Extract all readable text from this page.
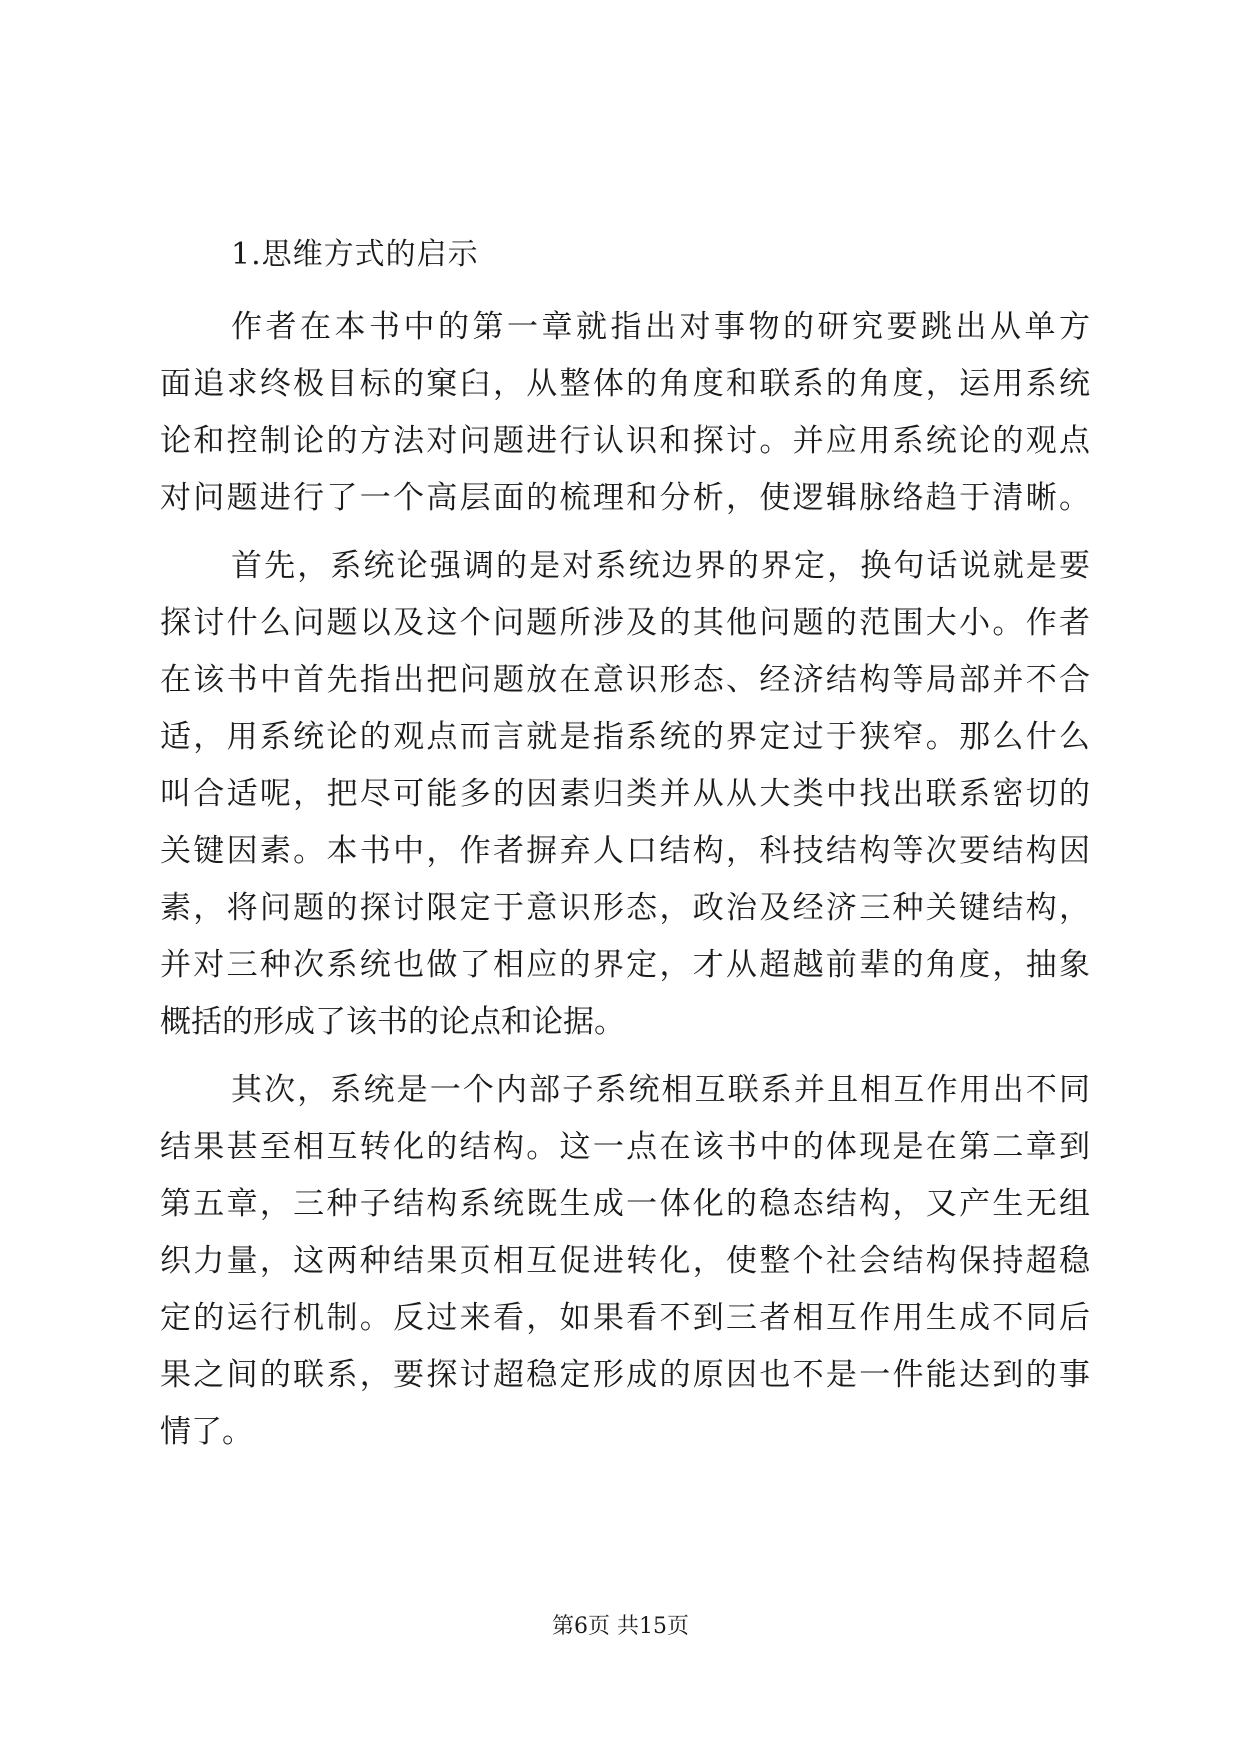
1.思维方式的启示
作者在本书中的第一章就指出对事物的研究要跳出从单方
面追求终极目标的窠臼，从整体的角度和联系的角度，运用系统
论和控制论的方法对问题进行认识和探讨。并应用系统论的观点
对问题进行了一个高层面的梳理和分析，使逻辑脉络趋于清晰。
首先，系统论强调的是对系统边界的界定，换句话说就是要
探讨什么问题以及这个问题所涉及的其他问题的范围大小。作者
在该书中首先指出把问题放在意识形态、经济结构等局部并不合
适，用系统论的观点而言就是指系统的界定过于狭窄。那么什么
叫合适呢，把尽可能多的因素归类并从从大类中找出联系密切的
关键因素。本书中，作者摒弃人口结构，科技结构等次要结构因
素，将问题的探讨限定于意识形态，政治及经济三种关键结构，
并对三种次系统也做了相应的界定，才从超越前辈的角度，抽象
概括的形成了该书的论点和论据。
其次，系统是一个内部子系统相互联系并且相互作用出不同
结果甚至相互转化的结构。这一点在该书中的体现是在第二章到
第五章，三种子结构系统既生成一体化的稳态结构，又产生无组
织力量，这两种结果页相互促进转化，使整个社会结构保持超稳
定的运行机制。反过来看，如果看不到三者相互作用生成不同后
果之间的联系，要探讨超稳定形成的原因也不是一件能达到的事
情了。
第6页 共15页
